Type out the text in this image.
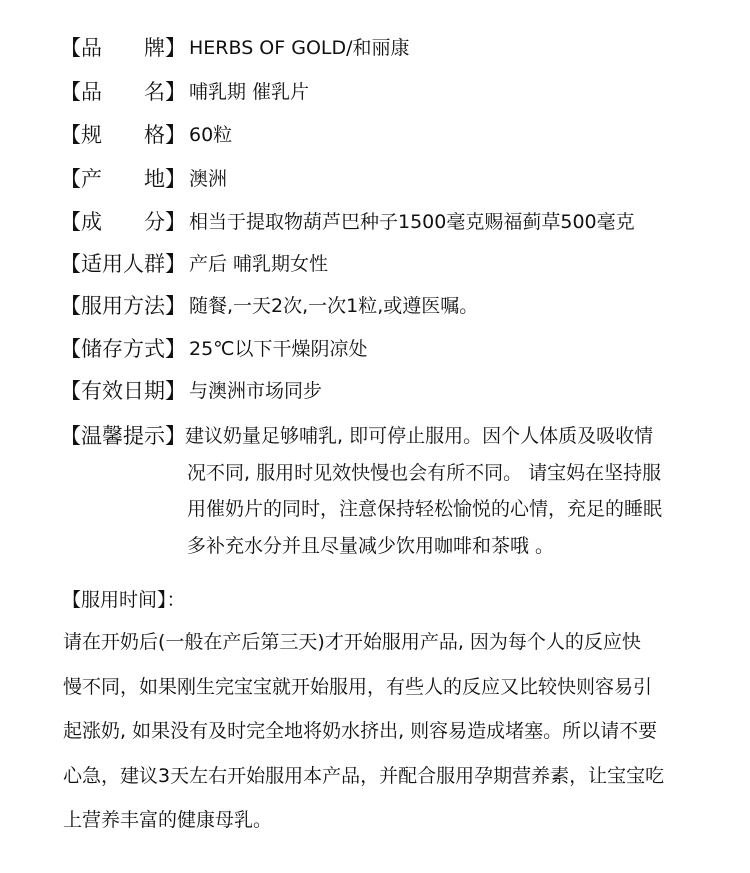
【 品 牌 】 HERBS OF GOLD/和丽康
【 品 名 】 哺乳期 催乳片
【 规 格 】 60粒
【 产 地 】 澳洲
【 成 分 】 相当于提取物葫芦巴种子1500毫克赐福蓟草500毫克
【 适用人群 】 产后 哺乳期女性
【 服用方法 】 随餐,一天2次,一次1粒,或遵医嘱。
【 储存方式 】 25℃以下干燥阴凉处
【 有效日期 】 与澳洲市场同步
【 温馨提示 】 建议奶量足够哺乳, 即可停止服用。因个人体质及吸收情
况不同, 服用时见效快慢也会有所不同。 请宝妈在坚持服
用催奶片的同时，注意保持轻松愉悦的心情，充足的睡眠
多补充水分并且尽量减少饮用咖啡和茶哦 。
【服用时间】：
请在开奶后(一般在产后第三天)才开始服用产品, 因为每个人的反应快
慢不同，如果刚生完宝宝就开始服用，有些人的反应又比较快则容易引
起涨奶, 如果没有及时完全地将奶水挤出, 则容易造成堵塞。所以请不要
心急，建议3天左右开始服用本产品，并配合服用孕期营养素，让宝宝吃
上营养丰富的健康母乳。
